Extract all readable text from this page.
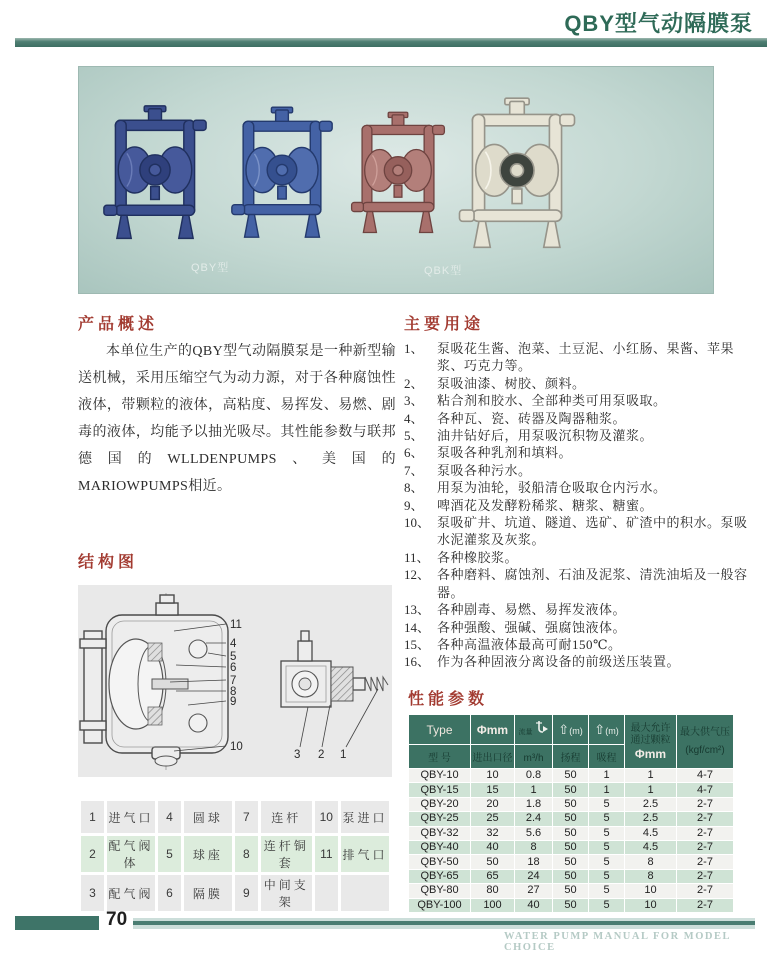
QBY型气动隔膜泵
QBY型	QBK型
产品概述
本单位生产的QBY型气动隔膜泵是一种新型输送机械，采用压缩空气为动力源，对于各种腐蚀性液体，带颗粒的液体，高粘度、易挥发、易燃、剧毒的液体，均能予以抽光吸尽。其性能参数与联邦德国的WLLDENPUMPS、美国的MARIOWPUMPS相近。
结构图
11
4
5
6
7
8
9
10
3 2 1
1	进气口	4	圆球	7	连杆	10	泵进口
2	配气阀体	5	球座	8	连杆铜套	11	排气口
3	配气阀	6	隔膜	9	中间支架		
主要用途
1、	泵吸花生酱、泡菜、土豆泥、小红肠、果酱、苹果浆、巧克力等。
2、	泵吸油漆、树胶、颜料。
3、	粘合剂和胶水、全部种类可用泵吸取。
4、	各种瓦、瓷、砖器及陶器釉浆。
5、	油井钻好后，用泵吸沉积物及灌浆。
6、	泵吸各种乳剂和填料。
7、	泵吸各种污水。
8、	用泵为油轮，驳船清仓吸取仓内污水。
9、	啤酒花及发酵粉稀浆、糖浆、糖蜜。
10、 泵吸矿井、坑道、隧道、选矿、矿渣中的积水。泵吸水泥灌浆及灰浆。
11、 各种橡胶浆。
12、 各种磨料、腐蚀剂、石油及泥浆、清洗油垢及一般容器。
13、 各种剧毒、易燃、易挥发液体。
14、 各种强酸、强碱、强腐蚀液体。
15、 各种高温液体最高可耐150℃。
16、 作为各种固液分离设备的前级送压装置。
性能参数
Type	Φmm	流量	⇧(m)	⇧(m)	最大允许
通过颗粒
Φmm

最大供气压
(kgf/cm²)

型 号	进出口径	m³/h	扬程	吸程		
QBY-10	10	0.8	50	1	1	4-7
QBY-15	15	1	50	1	1	4-7
QBY-20	20	1.8	50	5	2.5	2-7
QBY-25	25	2.4	50	5	2.5	2-7
QBY-32	32	5.6	50	5	4.5	2-7
QBY-40	40	8	50	5	4.5	2-7
QBY-50	50	18	50	5	8	2-7
QBY-65	65	24	50	5	8	2-7
QBY-80	80	27	50	5	10	2-7
QBY-100	100	40	50	5	10	2-7
70
WATER PUMP MANUAL FOR MODEL CHOICE
